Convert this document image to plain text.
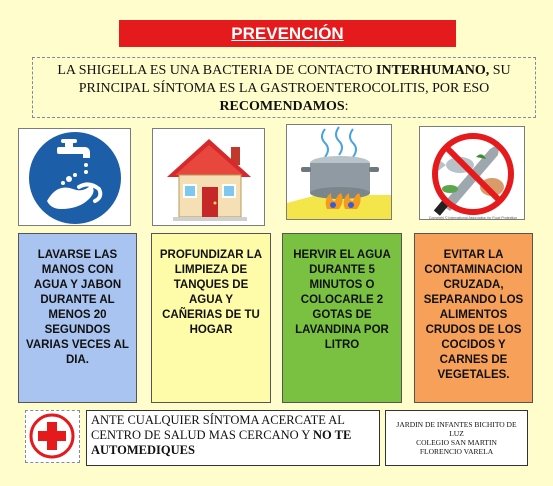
PREVENCIÓN
LA SHIGELLA ES UNA BACTERIA DE CONTACTO INTERHUMANO, SU PRINCIPAL SÍNTOMA ES LA GASTROENTEROCOLITIS, POR ESO RECOMENDAMOS:
Copyright © International Association for Food Protection
LAVARSE LAS MANOS CON AGUA Y JABON DURANTE AL MENOS 20 SEGUNDOS VARIAS VECES AL DIA.
PROFUNDIZAR LA LIMPIEZA DE TANQUES DE AGUA Y CAÑERIAS DE TU HOGAR
HERVIR EL AGUA DURANTE 5 MINUTOS O COLOCARLE 2 GOTAS DE LAVANDINA POR LITRO
EVITAR LA CONTAMINACION CRUZADA, SEPARANDO LOS ALIMENTOS CRUDOS DE LOS COCIDOS Y CARNES DE VEGETALES.
ANTE CUALQUIER SÍNTOMA ACERCATE AL CENTRO DE SALUD MAS CERCANO Y NO TE AUTOMEDIQUES
JARDIN DE INFANTES BICHITO DE LUZ
COLEGIO SAN MARTIN
FLORENCIO VARELA
